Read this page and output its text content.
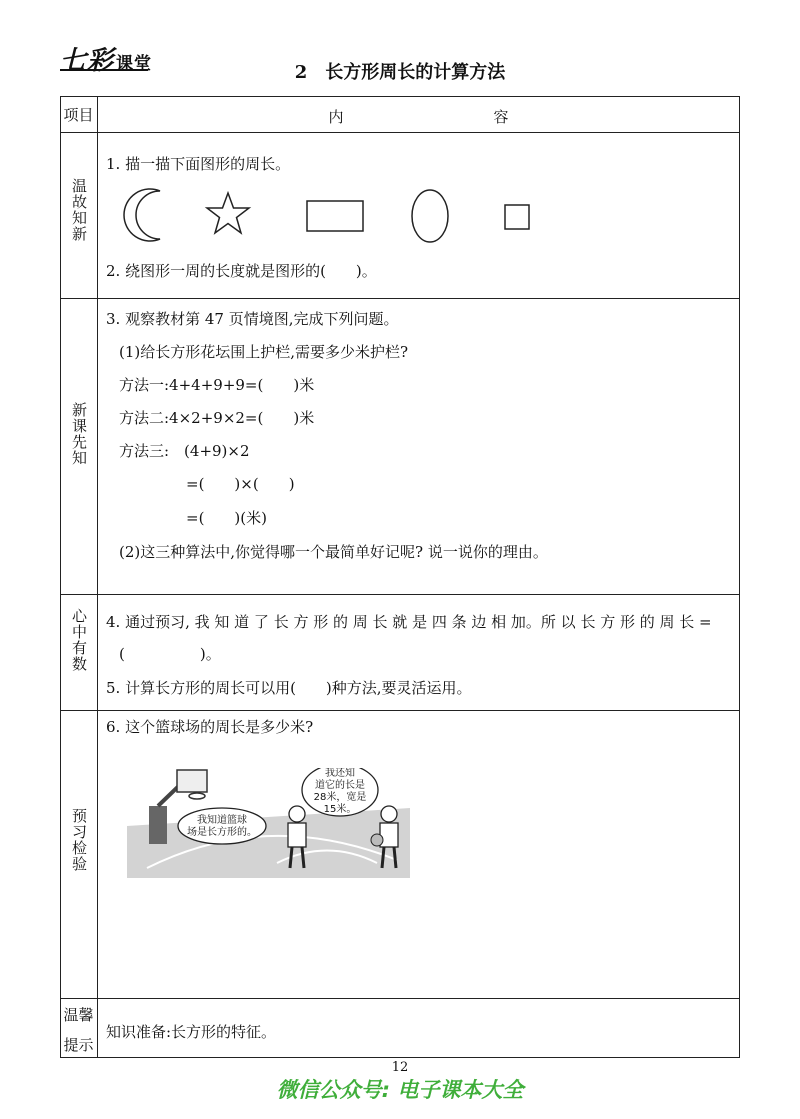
七彩 课堂	2　长方形周长的计算方法
项目	内　　容
温故知新
新课先知
心中有数
预习检验
温馨
提示
1. 描一描下面图形的周长。
2. 绕图形一周的长度就是图形的(　　)。
3. 观察教材第 47 页情境图,完成下列问题。
(1)给长方形花坛围上护栏,需要多少米护栏?
方法一:4+4+9+9=(　　)米
方法二:4×2+9×2=(　　)米
方法三:　(4+9)×2
=(　　)×(　　)
=(　　)(米)
(2)这三种算法中,你觉得哪一个最简单好记呢? 说一说你的理由。
4. 通过预习, 我 知 道 了 长 方 形 的 周 长 就 是 四 条 边 相 加。所 以 长 方 形 的 周 长 =
(　　　　　)。
5. 计算长方形的周长可以用(　　)种方法,要灵活运用。
6. 这个篮球场的周长是多少米?
我知道篮球
场是长方形的。
我还知
道它的长是
28米，宽是
15米。
知识准备:长方形的特征。
12
微信公众号: 电子课本大全
